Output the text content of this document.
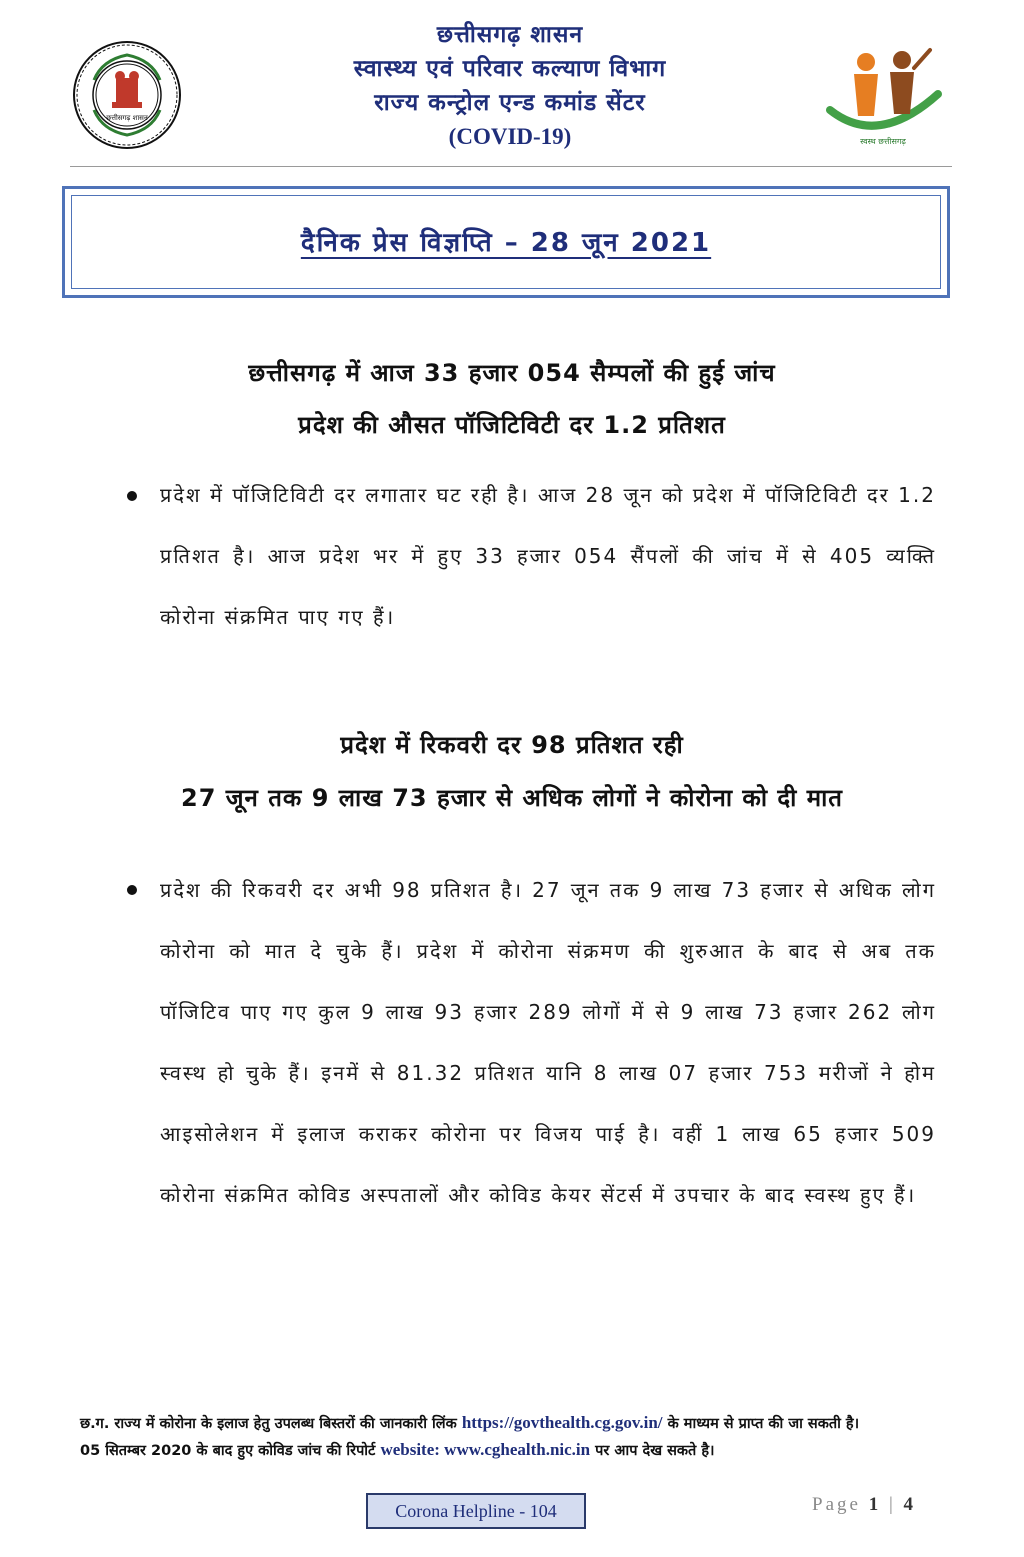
छत्तीसगढ़ शासन
छत्तीसगढ़ शासन
स्वास्थ्य एवं परिवार कल्याण विभाग
राज्य कन्ट्रोल एन्ड कमांड सेंटर
(COVID-19)	स्वस्थ छत्तीसगढ़
दैनिक प्रेस विज्ञप्ति – 28 जून 2021
छत्तीसगढ़ में आज 33 हजार 054 सैम्पलों की हुई जांच
प्रदेश की औसत पॉजिटिविटी दर 1.2 प्रतिशत
प्रदेश में पॉजिटिविटी दर लगातार घट रही है। आज 28 जून को प्रदेश में पॉजिटिविटी दर 1.2 प्रतिशत है। आज प्रदेश भर में हुए 33 हजार 054 सैंपलों की जांच में से 405 व्यक्ति कोरोना संक्रमित पाए गए हैं।
प्रदेश में रिकवरी दर 98 प्रतिशत रही
27 जून तक 9 लाख 73 हजार से अधिक लोगों ने कोरोना को दी मात
प्रदेश की रिकवरी दर अभी 98 प्रतिशत है। 27 जून तक 9 लाख 73 हजार से अधिक लोग कोरोना को मात दे चुके हैं। प्रदेश में कोरोना संक्रमण की शुरुआत के बाद से अब तक पॉजिटिव पाए गए कुल 9 लाख 93 हजार 289 लोगों में से 9 लाख 73 हजार 262 लोग स्वस्थ हो चुके हैं। इनमें से 81.32 प्रतिशत यानि 8 लाख 07 हजार 753 मरीजों ने होम आइसोलेशन में इलाज कराकर कोरोना पर विजय पाई है। वहीं 1 लाख 65 हजार 509 कोरोना संक्रमित कोविड अस्पतालों और कोविड केयर सेंटर्स में उपचार के बाद स्वस्थ हुए हैं।
छ.ग. राज्य में कोरोना के इलाज हेतु उपलब्ध बिस्तरों की जानकारी लिंक https://govthealth.cg.gov.in/ के माध्यम से प्राप्त की जा सकती है।
05 सितम्बर 2020 के बाद हुए कोविड जांच की रिपोर्ट website: www.cghealth.nic.in पर आप देख सकते है।
Corona Helpline - 104	Page 1 | 4
